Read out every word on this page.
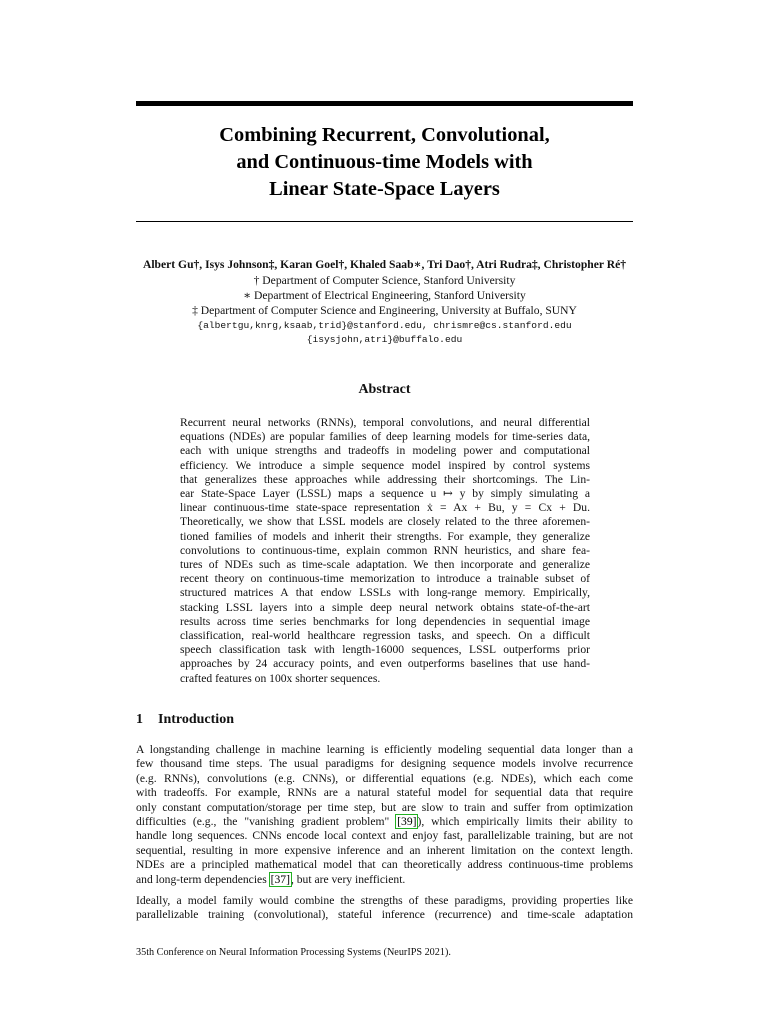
Combining Recurrent, Convolutional,
and Continuous-time Models with
Linear State-Space Layers
Albert Gu†, Isys Johnson‡, Karan Goel†, Khaled Saab∗, Tri Dao†, Atri Rudra‡, Christopher Ré†
† Department of Computer Science, Stanford University
∗ Department of Electrical Engineering, Stanford University
‡ Department of Computer Science and Engineering, University at Buffalo, SUNY
{albertgu,knrg,ksaab,trid}@stanford.edu, chrismre@cs.stanford.edu
{isysjohn,atri}@buffalo.edu
Abstract
Recurrent neural networks (RNNs), temporal convolutions, and neural differential
equations (NDEs) are popular families of deep learning models for time-series data,
each with unique strengths and tradeoffs in modeling power and computational
efficiency. We introduce a simple sequence model inspired by control systems
that generalizes these approaches while addressing their shortcomings. The Lin-
ear State-Space Layer (LSSL) maps a sequence u ↦ y by simply simulating a
linear continuous-time state-space representation ẋ = Ax + Bu, y = Cx + Du.
Theoretically, we show that LSSL models are closely related to the three aforemen-
tioned families of models and inherit their strengths. For example, they generalize
convolutions to continuous-time, explain common RNN heuristics, and share fea-
tures of NDEs such as time-scale adaptation. We then incorporate and generalize
recent theory on continuous-time memorization to introduce a trainable subset of
structured matrices A that endow LSSLs with long-range memory. Empirically,
stacking LSSL layers into a simple deep neural network obtains state-of-the-art
results across time series benchmarks for long dependencies in sequential image
classification, real-world healthcare regression tasks, and speech. On a difficult
speech classification task with length-16000 sequences, LSSL outperforms prior
approaches by 24 accuracy points, and even outperforms baselines that use hand-
crafted features on 100x shorter sequences.
1 Introduction
A longstanding challenge in machine learning is efficiently modeling sequential data longer than a
few thousand time steps. The usual paradigms for designing sequence models involve recurrence
(e.g. RNNs), convolutions (e.g. CNNs), or differential equations (e.g. NDEs), which each come
with tradeoffs. For example, RNNs are a natural stateful model for sequential data that require
only constant computation/storage per time step, but are slow to train and suffer from optimization
difficulties (e.g., the "vanishing gradient problem" [39]), which empirically limits their ability to
handle long sequences. CNNs encode local context and enjoy fast, parallelizable training, but are not
sequential, resulting in more expensive inference and an inherent limitation on the context length.
NDEs are a principled mathematical model that can theoretically address continuous-time problems
and long-term dependencies [37], but are very inefficient.
Ideally, a model family would combine the strengths of these paradigms, providing properties like
parallelizable training (convolutional), stateful inference (recurrence) and time-scale adaptation
35th Conference on Neural Information Processing Systems (NeurIPS 2021).
